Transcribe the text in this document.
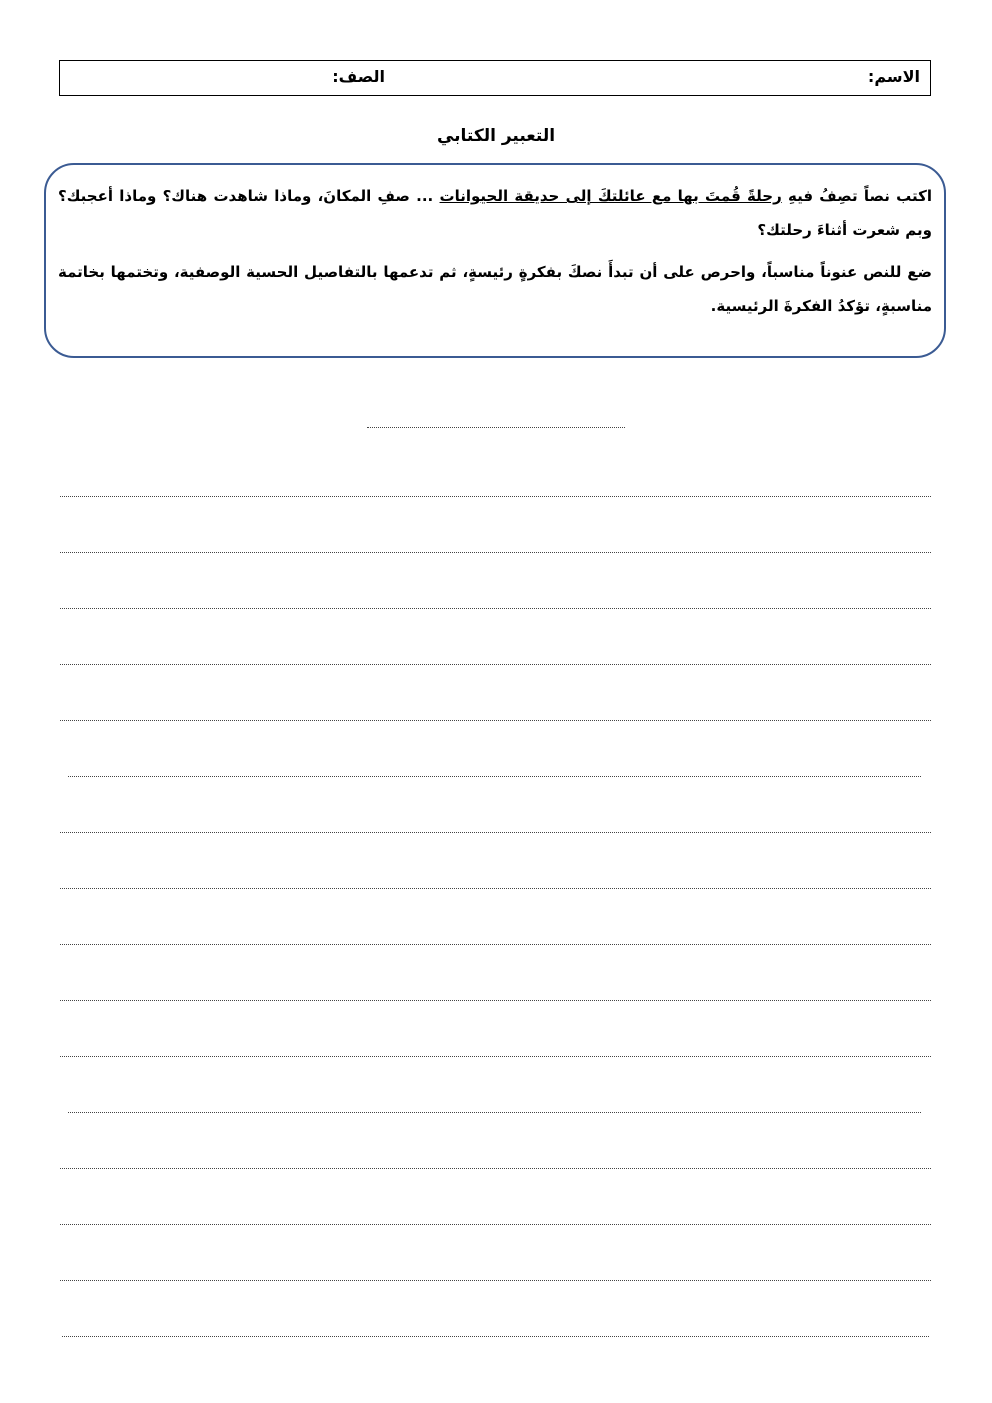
الاسم:
الصف:
التعبير الكتابي

اكتب نصاً تصِفُ فيهِ رحلةً قُمتَ بها مع عائلتكَ إلى حديقة الحيوانات ... صفِ المكانَ، وماذا شاهدت هناك؟ وماذا أعجبك؟ وبم شعرت أثناءَ رحلتك؟

ضع للنص عنوناً مناسباً، واحرص على أن تبدأَ نصكَ بفكرةٍ رئيسةٍ، ثم تدعمها بالتفاصيل الحسية الوصفية، وتختمها بخاتمة مناسبةٍ، تؤكدُ الفكرةَ الرئيسية.
